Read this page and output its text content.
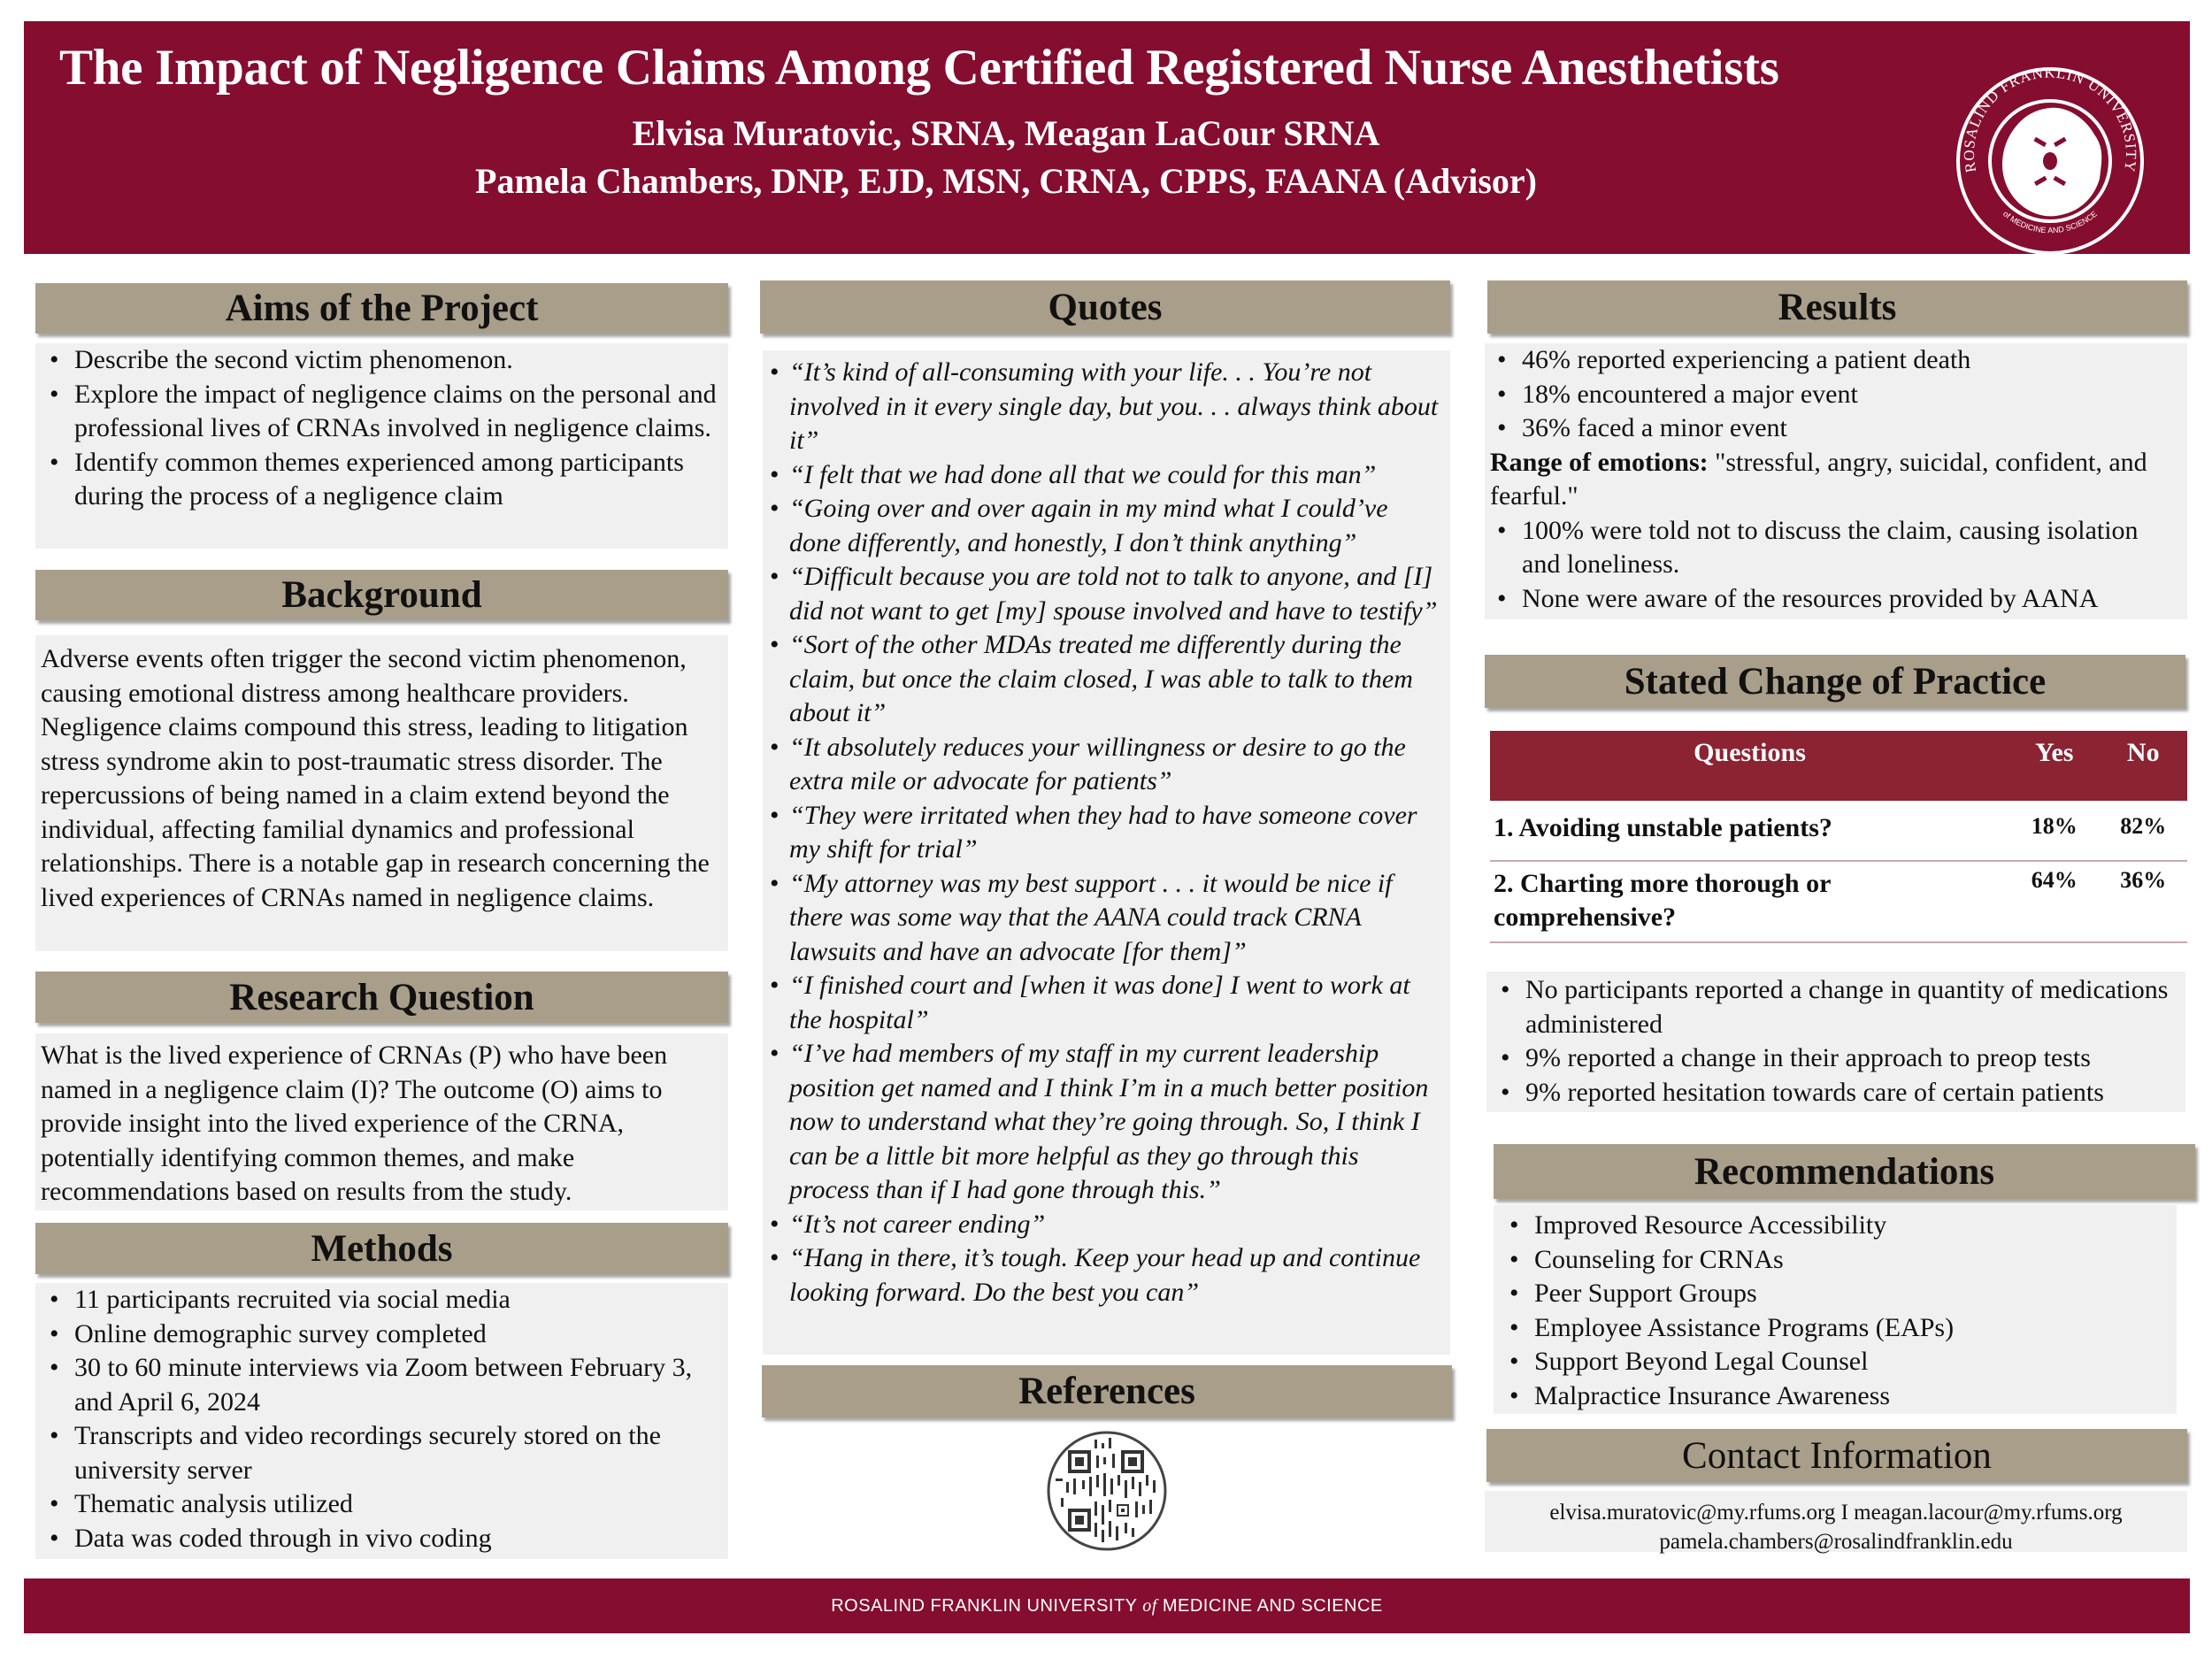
The Impact of Negligence Claims Among Certified Registered Nurse Anesthetists
Elvisa Muratovic, SRNA, Meagan LaCour SRNA
Pamela Chambers, DNP, EJD, MSN, CRNA, CPPS, FAANA (Advisor)	ROSALIND FRANKLIN UNIVERSITY
of MEDICINE AND SCIENCE
Aims of the Project
• Describe the second victim phenomenon.
• Explore the impact of negligence claims on the personal and professional lives of CRNAs involved in negligence claims.
• Identify common themes experienced among participants during the process of a negligence claim
Background

Adverse events often trigger the second victim phenomenon, causing emotional distress among healthcare providers. Negligence claims compound this stress, leading to litigation stress syndrome akin to post-traumatic stress disorder. The repercussions of being named in a claim extend beyond the individual, affecting familial dynamics and professional relationships. There is a notable gap in research concerning the lived experiences of CRNAs named in negligence claims.

Research Question

What is the lived experience of CRNAs (P) who have been named in a negligence claim (I)? The outcome (O) aims to provide insight into the lived experience of the CRNA, potentially identifying common themes, and make recommendations based on results from the study.

Methods
• 11 participants recruited via social media
• Online demographic survey completed
• 30 to 60 minute interviews via Zoom between February 3, and April 6, 2024
• Transcripts and video recordings securely stored on the university server
• Thematic analysis utilized
• Data was coded through in vivo coding
Quotes
• “It’s kind of all-consuming with your life. . . You’re not involved in it every single day, but you. . . always think about it”
• “I felt that we had done all that we could for this man”
• “Going over and over again in my mind what I could’ve done differently, and honestly, I don’t think anything”
• “Difficult because you are told not to talk to anyone, and [I] did not want to get [my] spouse involved and have to testify”
• “Sort of the other MDAs treated me differently during the claim, but once the claim closed, I was able to talk to them about it”
• “It absolutely reduces your willingness or desire to go the extra mile or advocate for patients”
• “They were irritated when they had to have someone cover my shift for trial”
• “My attorney was my best support . . . it would be nice if there was some way that the AANA could track CRNA lawsuits and have an advocate [for them]”
• “I finished court and [when it was done] I went to work at the hospital”
• “I’ve had members of my staff in my current leadership position get named and I think I’m in a much better position now to understand what they’re going through. So, I think I can be a little bit more helpful as they go through this process than if I had gone through this.”
• “It’s not career ending”
• “Hang in there, it’s tough. Keep your head up and continue looking forward. Do the best you can”
References
Results
• 46% reported experiencing a patient death
• 18% encountered a major event
• 36% faced a minor event

Range of emotions: "stressful, angry, suicidal, confident, and fearful."

• 100% were told not to discuss the claim, causing isolation and loneliness.
• None were aware of the resources provided by AANA
Stated Change of Practice
Questions	Yes	No
1. Avoiding unstable patients?	18%	82%
2. Charting more thorough or comprehensive?	64%	36%
• No participants reported a change in quantity of medications administered
• 9% reported a change in their approach to preop tests
• 9% reported hesitation towards care of certain patients
Recommendations
• Improved Resource Accessibility
• Counseling for CRNAs
• Peer Support Groups
• Employee Assistance Programs (EAPs)
• Support Beyond Legal Counsel
• Malpractice Insurance Awareness
Contact Information
elvisa.muratovic@my.rfums.org I meagan.lacour@my.rfums.org
pamela.chambers@rosalindfranklin.edu
ROSALIND FRANKLIN UNIVERSITY of MEDICINE AND SCIENCE
